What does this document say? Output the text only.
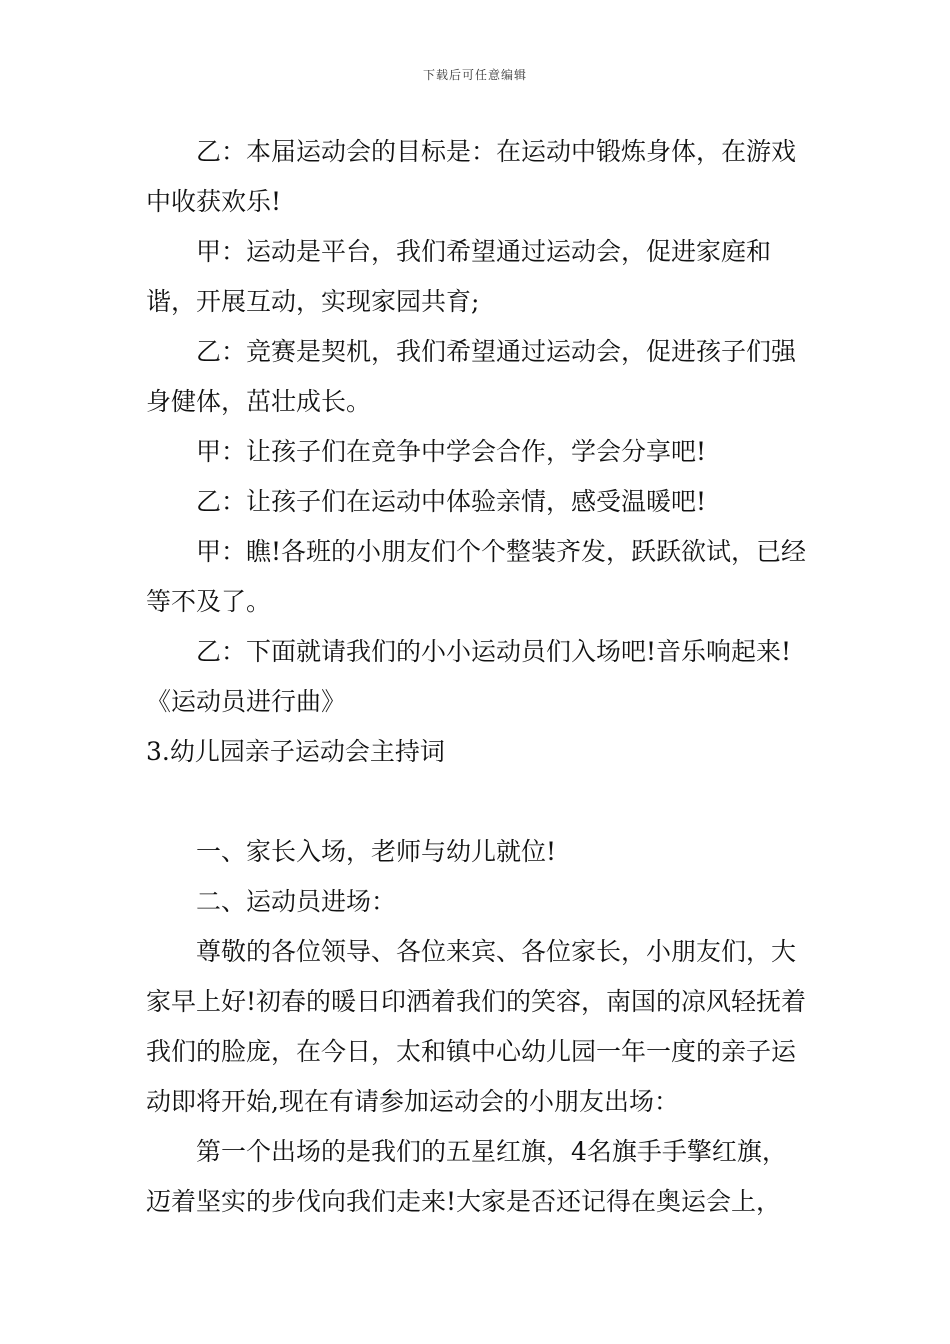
下载后可任意编辑

乙：本届运动会的目标是：在运动中锻炼身体，在游戏中收获欢乐!

甲：运动是平台，我们希望通过运动会，促进家庭和谐，开展互动，实现家园共育;

乙：竞赛是契机，我们希望通过运动会，促进孩子们强身健体，茁壮成长。

甲：让孩子们在竞争中学会合作，学会分享吧!

乙：让孩子们在运动中体验亲情，感受温暖吧!

甲：瞧!各班的小朋友们个个整装齐发，跃跃欲试，已经等不及了。

乙：下面就请我们的小小运动员们入场吧!音乐响起来!

《运动员进行曲》

3.幼儿园亲子运动会主持词

一、家长入场，老师与幼儿就位!

二、运动员进场：

尊敬的各位领导、各位来宾、各位家长，小朋友们，大家早上好!初春的暖日印洒着我们的笑容，南国的凉风轻抚着我们的脸庞，在今日，太和镇中心幼儿园一年一度的亲子运动即将开始,现在有请参加运动会的小朋友出场：

第一个出场的是我们的五星红旗，4名旗手手擎红旗，迈着坚实的步伐向我们走来!大家是否还记得在奥运会上，
